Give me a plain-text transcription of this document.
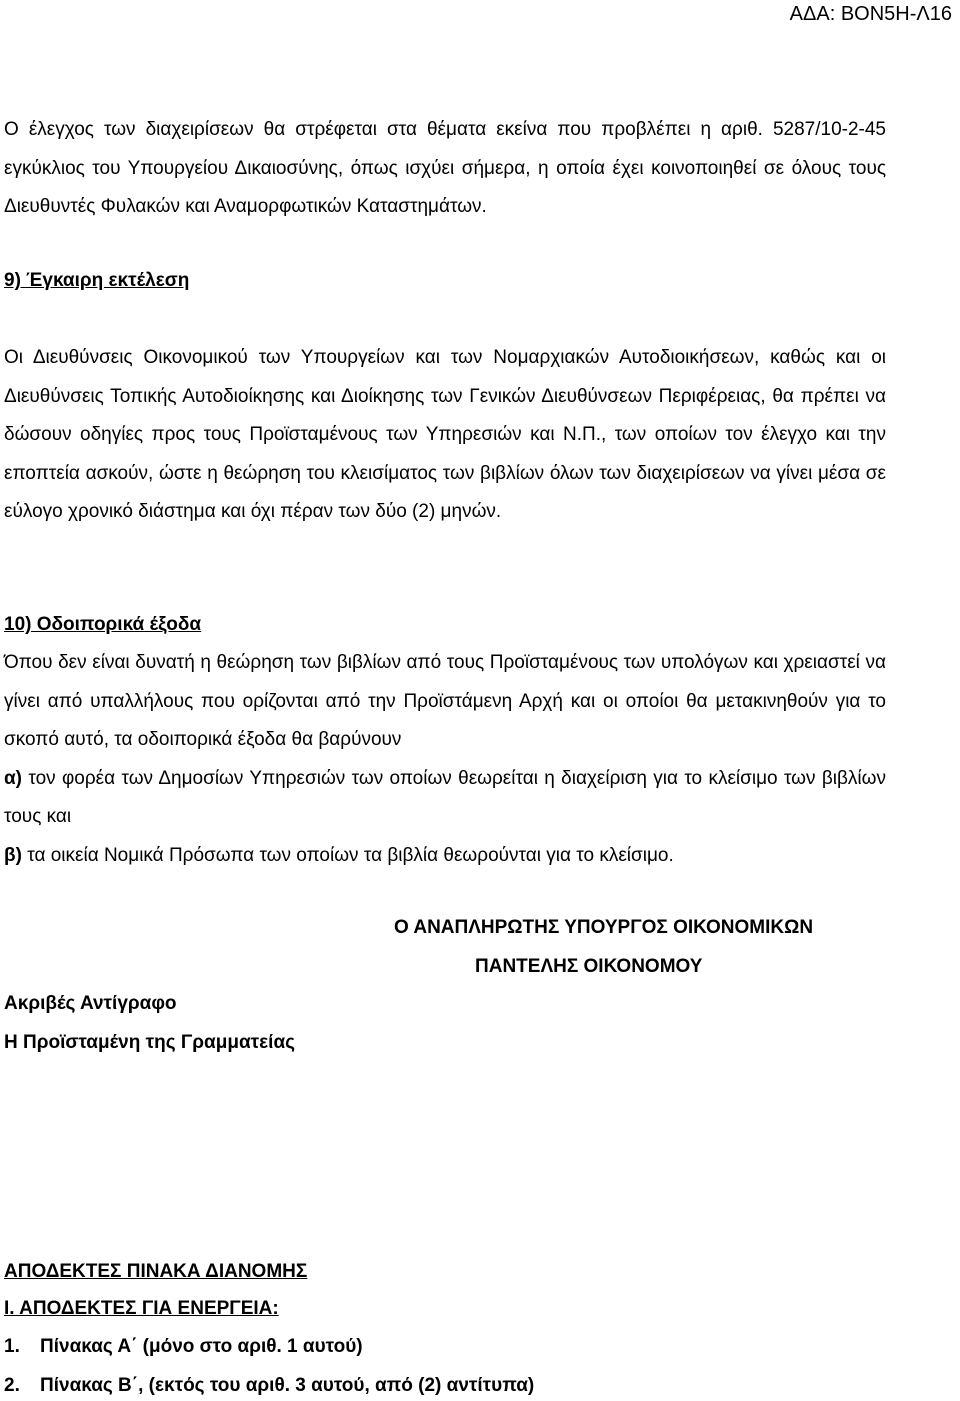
ΑΔΑ: ΒΟΝ5Η-Λ16
Ο έλεγχος των διαχειρίσεων θα στρέφεται στα θέματα εκείνα που προβλέπει η αριθ. 5287/10-2-45 εγκύκλιος του Υπουργείου Δικαιοσύνης, όπως ισχύει σήμερα, η οποία έχει κοινοποιηθεί σε όλους τους Διευθυντές Φυλακών και Αναμορφωτικών Καταστημάτων.
9) Έγκαιρη εκτέλεση
Οι Διευθύνσεις Οικονομικού των Υπουργείων και των Νομαρχιακών Αυτοδιοικήσεων, καθώς και οι Διευθύνσεις Τοπικής Αυτοδιοίκησης και Διοίκησης των Γενικών Διευθύνσεων Περιφέρειας, θα πρέπει να δώσουν οδηγίες προς τους Προϊσταμένους των Υπηρεσιών και Ν.Π., των οποίων τον έλεγχο και την εποπτεία ασκούν, ώστε η θεώρηση του κλεισίματος των βιβλίων όλων των διαχειρίσεων να γίνει μέσα σε εύλογο χρονικό διάστημα και όχι πέραν των δύο (2) μηνών.
10) Οδοιπορικά έξοδα
Όπου δεν είναι δυνατή η θεώρηση των βιβλίων από τους Προϊσταμένους των υπολόγων και χρειαστεί να γίνει από υπαλλήλους που ορίζονται από την Προϊστάμενη Αρχή και οι οποίοι θα μετακινηθούν για το σκοπό αυτό, τα οδοιπορικά έξοδα θα βαρύνουν
α) τον φορέα των Δημοσίων Υπηρεσιών των οποίων θεωρείται η διαχείριση για το κλείσιμο των βιβλίων τους και
β) τα οικεία Νομικά Πρόσωπα των οποίων τα βιβλία θεωρούνται για το κλείσιμο.
Ο ΑΝΑΠΛΗΡΩΤΗΣ ΥΠΟΥΡΓΟΣ ΟΙΚΟΝΟΜΙΚΩΝ
ΠΑΝΤΕΛΗΣ ΟΙΚΟΝΟΜΟΥ
Ακριβές Αντίγραφο
Η Προϊσταμένη της Γραμματείας
ΑΠΟΔΕΚΤΕΣ ΠΙΝΑΚΑ ΔΙΑΝΟΜΗΣ
Ι. ΑΠΟΔΕΚΤΕΣ ΓΙΑ ΕΝΕΡΓΕΙΑ:
1. Πίνακας Α΄ (μόνο στο αριθ. 1 αυτού)
2. Πίνακας Β΄, (εκτός του αριθ. 3 αυτού, από (2) αντίτυπα)
